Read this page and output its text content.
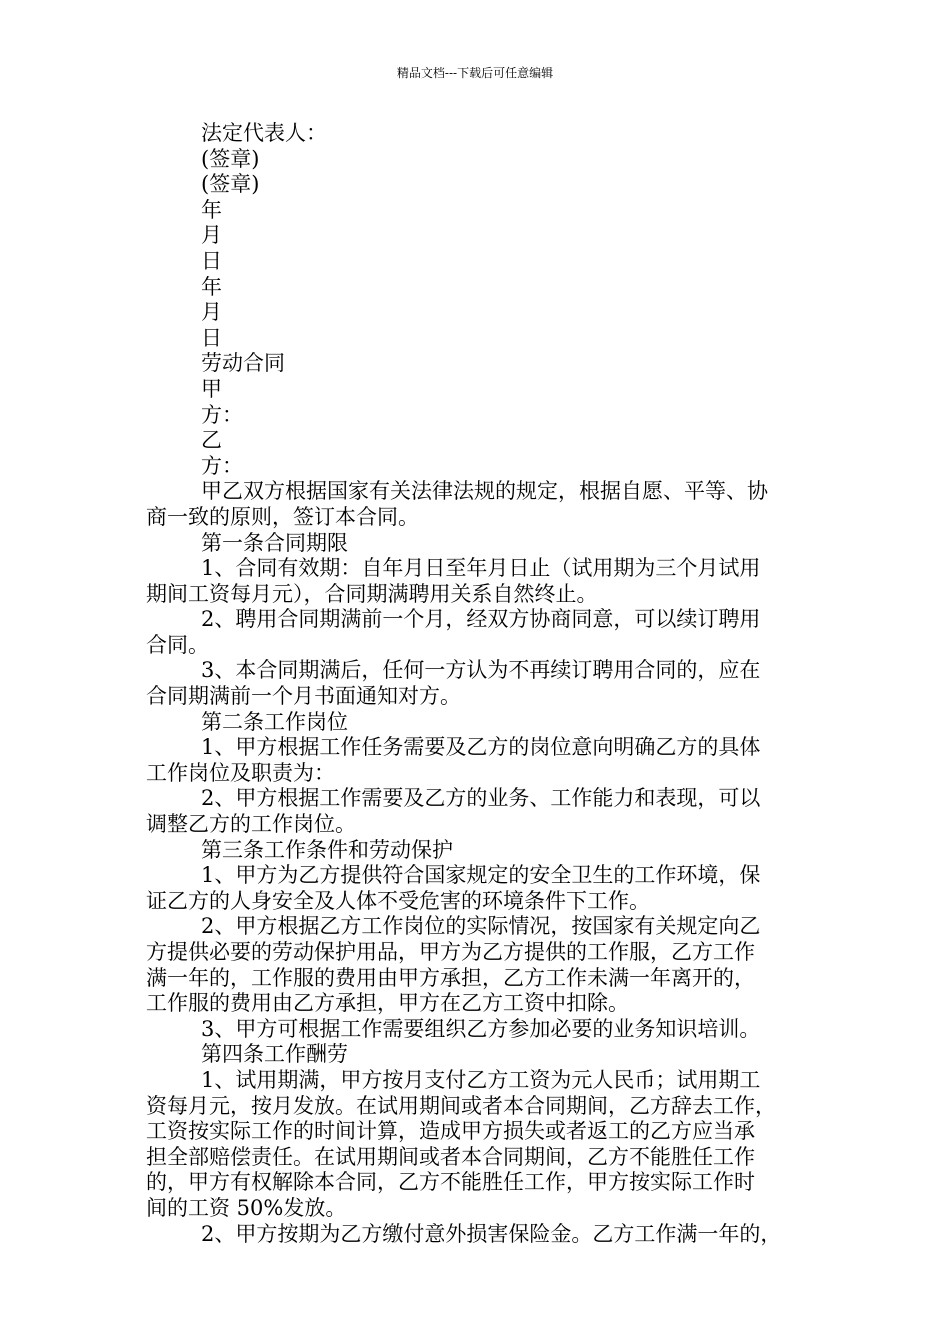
精品文档---下载后可任意编辑
法定代表人：
(签章)
(签章)
年
月
日
年
月
日
劳动合同
甲
方：
乙
方：
甲乙双方根据国家有关法律法规的规定，根据自愿、平等、协
商一致的原则，签订本合同。
第一条合同期限
1、合同有效期：自年月日至年月日止（试用期为三个月试用
期间工资每月元），合同期满聘用关系自然终止。
2、聘用合同期满前一个月，经双方协商同意，可以续订聘用
合同。
3、本合同期满后，任何一方认为不再续订聘用合同的，应在
合同期满前一个月书面通知对方。
第二条工作岗位
1、甲方根据工作任务需要及乙方的岗位意向明确乙方的具体
工作岗位及职责为：
2、甲方根据工作需要及乙方的业务、工作能力和表现，可以
调整乙方的工作岗位。
第三条工作条件和劳动保护
1、甲方为乙方提供符合国家规定的安全卫生的工作环境，保
证乙方的人身安全及人体不受危害的环境条件下工作。
2、甲方根据乙方工作岗位的实际情况，按国家有关规定向乙
方提供必要的劳动保护用品，甲方为乙方提供的工作服，乙方工作
满一年的，工作服的费用由甲方承担，乙方工作未满一年离开的，
工作服的费用由乙方承担，甲方在乙方工资中扣除。
3、甲方可根据工作需要组织乙方参加必要的业务知识培训。
第四条工作酬劳
1、试用期满，甲方按月支付乙方工资为元人民币；试用期工
资每月元，按月发放。在试用期间或者本合同期间，乙方辞去工作，
工资按实际工作的时间计算，造成甲方损失或者返工的乙方应当承
担全部赔偿责任。在试用期间或者本合同期间，乙方不能胜任工作
的，甲方有权解除本合同，乙方不能胜任工作，甲方按实际工作时
间的工资 50%发放。
2、甲方按期为乙方缴付意外损害保险金。乙方工作满一年的，
